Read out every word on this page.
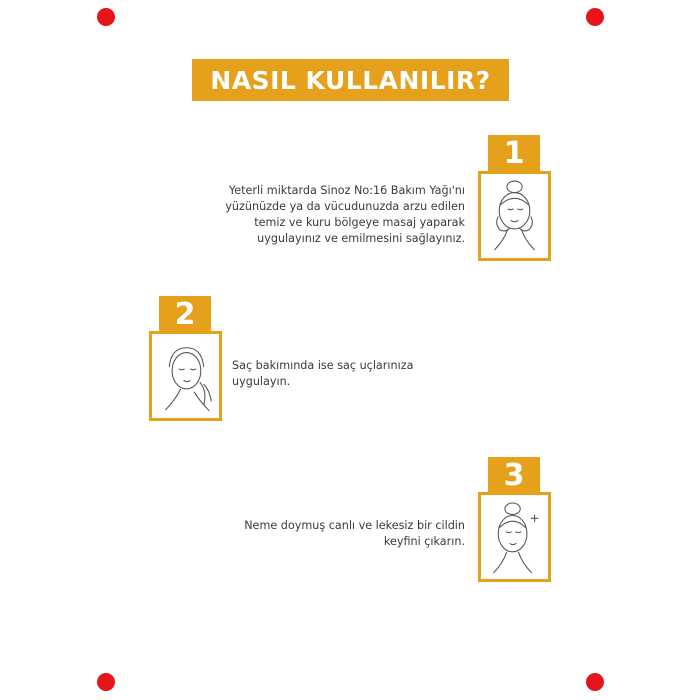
NASIL KULLANILIR?
Yeterli miktarda Sinoz No:16 Bakım Yağı'nı
yüzünüzde ya da vücudunuzda arzu edilen
temiz ve kuru bölgeye masaj yaparak
uygulayınız ve emilmesini sağlayınız.
1
2
Saç bakımında ise saç uçlarınıza
uygulayın.
3
Neme doymuş canlı ve lekesiz bir cildin
keyfini çıkarın.
